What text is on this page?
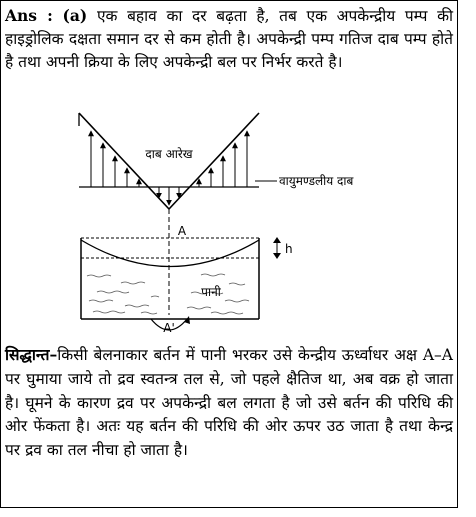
Ans : (a) एक बहाव का दर बढ़ता है, तब एक अपकेन्द्रीय पम्प की हाइड्रोलिक दक्षता समान दर से कम होती है। अपकेन्द्री पम्प गतिज दाब पम्प होते है तथा अपनी क्रिया के लिए अपकेन्द्री बल पर निर्भर करते है।
दाब आरेख
वायुमण्डलीय दाब
A
पानी
h
A'
सिद्धान्त–किसी बेलनाकार बर्तन में पानी भरकर उसे केन्द्रीय ऊर्ध्वाधर अक्ष A–A पर घुमाया जाये तो द्रव स्वतन्त्र तल से, जो पहले क्षैतिज था, अब वक्र हो जाता है। घूमने के कारण द्रव पर अपकेन्द्री बल लगता है जो उसे बर्तन की परिधि की ओर फेंकता है। अतः यह बर्तन की परिधि की ओर ऊपर उठ जाता है तथा केन्द्र पर द्रव का तल नीचा हो जाता है।
